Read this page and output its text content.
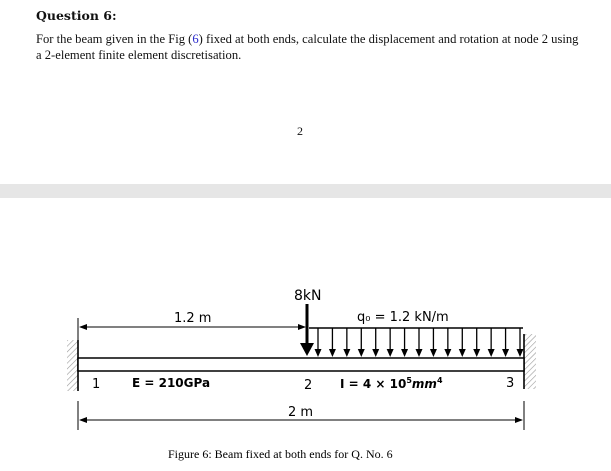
Question 6:

For the beam given in the Fig (6) fixed at both ends, calculate the displacement and rotation at node 2 using a 2-element finite element discretisation.

2
1	2	3
E = 210GPa	$I = 4 \times 10^5mm^4$
8kN
1.2 m	q₀ = 1.2 kN/m
2 m
Figure 6: Beam fixed at both ends for Q. No. 6
